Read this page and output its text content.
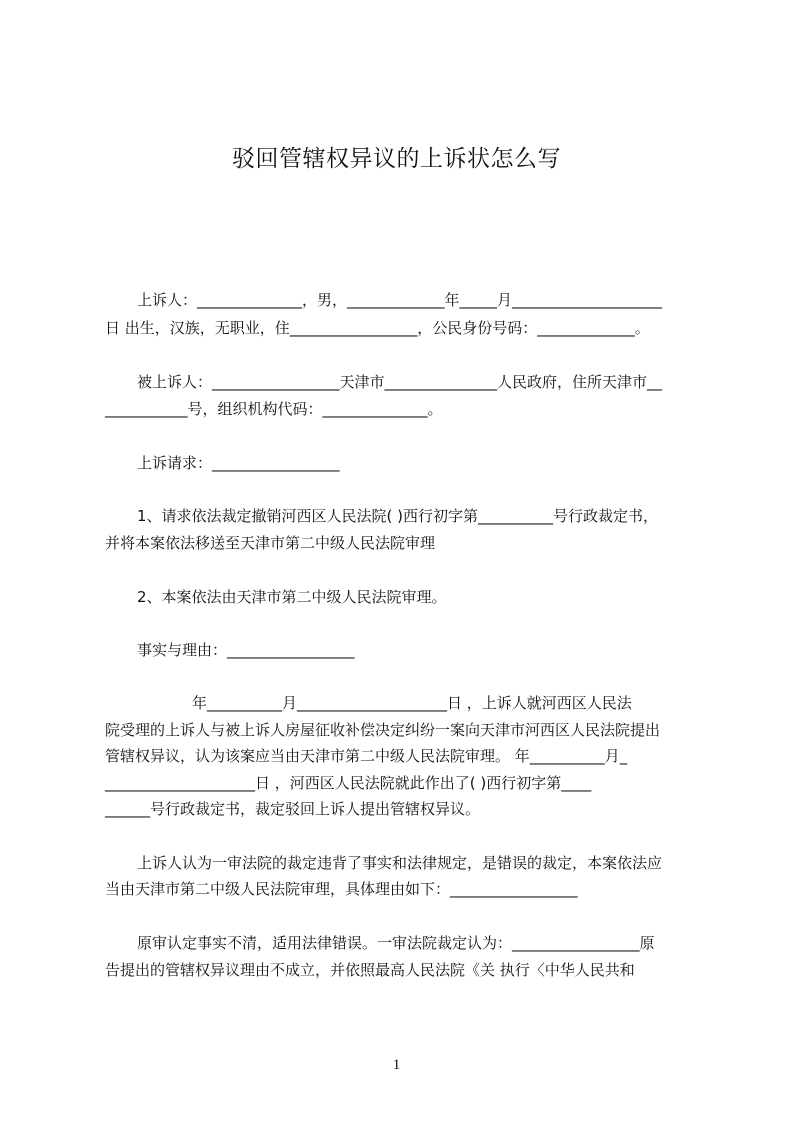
驳回管辖权异议的上诉状怎么写

上诉人：______________，男，_____________年_____月____________________

日 出生，汉族，无职业，住_________________，公民身份号码：_____________。

被上诉人：_________________天津市_______________人民政府，住所天津市__

___________号，组织机构代码：______________。

上诉请求：_________________

1、请求依法裁定撤销河西区人民法院( )西行初字第__________号行政裁定书，

并将本案依法移送至天津市第二中级人民法院审理

2、本案依法由天津市第二中级人民法院审理。

事实与理由：_________________

年__________月____________________日 ，上诉人就河西区人民法

院受理的上诉人与被上诉人房屋征收补偿决定纠纷一案向天津市河西区人民法院提出

管辖权异议，认为该案应当由天津市第二中级人民法院审理。 年__________月_

____________________日 ，河西区人民法院就此作出了( )西行初字第____

______号行政裁定书，裁定驳回上诉人提出管辖权异议。

上诉人认为一审法院的裁定违背了事实和法律规定，是错误的裁定，本案依法应

当由天津市第二中级人民法院审理，具体理由如下：_________________

原审认定事实不清，适用法律错误。一审法院裁定认为：_________________原

告提出的管辖权异议理由不成立，并依照最高人民法院《关 执行〈中华人民共和

1
